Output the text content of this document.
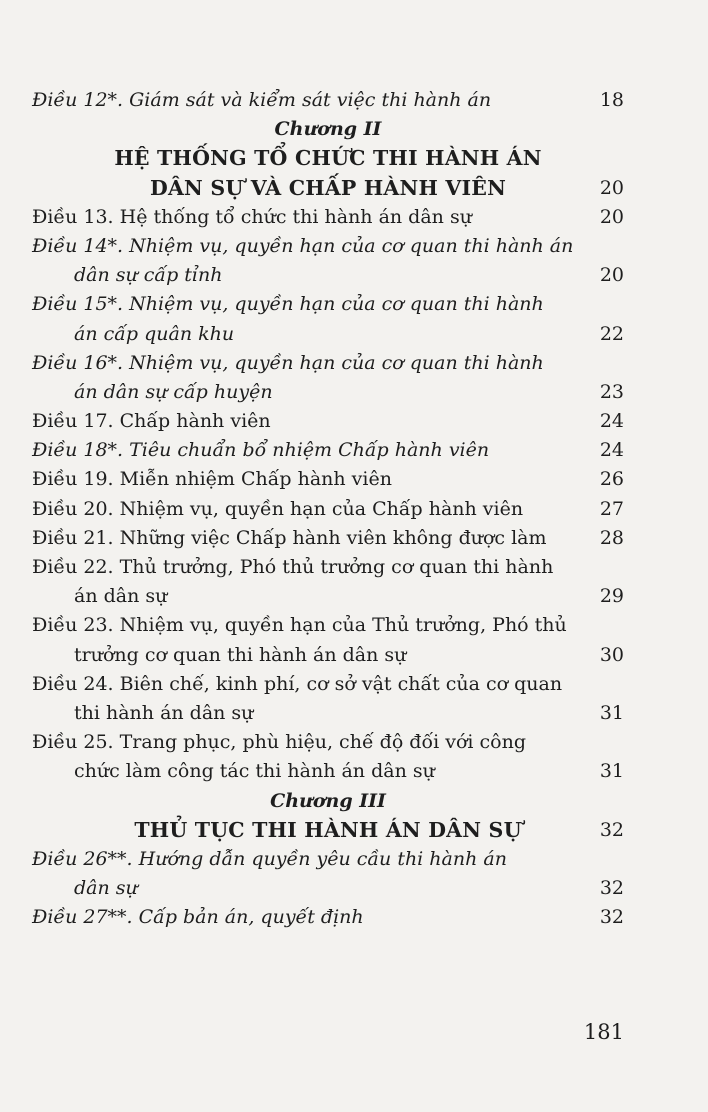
Điều 12*. Giám sát và kiểm sát việc thi hành án	18
Chương II
HỆ THỐNG TỔ CHỨC THI HÀNH ÁN
DÂN SỰ VÀ CHẤP HÀNH VIÊN	20
Điều 13. Hệ thống tổ chức thi hành án dân sự	20
Điều 14*. Nhiệm vụ, quyền hạn của cơ quan thi hành án
dân sự cấp tỉnh	20
Điều 15*. Nhiệm vụ, quyền hạn của cơ quan thi hành
án cấp quân khu	22
Điều 16*. Nhiệm vụ, quyền hạn của cơ quan thi hành
án dân sự cấp huyện	23
Điều 17. Chấp hành viên	24
Điều 18*. Tiêu chuẩn bổ nhiệm Chấp hành viên	24
Điều 19. Miễn nhiệm Chấp hành viên	26
Điều 20. Nhiệm vụ, quyền hạn của Chấp hành viên	27
Điều 21. Những việc Chấp hành viên không được làm	28
Điều 22. Thủ trưởng, Phó thủ trưởng cơ quan thi hành
án dân sự	29
Điều 23. Nhiệm vụ, quyền hạn của Thủ trưởng, Phó thủ
trưởng cơ quan thi hành án dân sự	30
Điều 24. Biên chế, kinh phí, cơ sở vật chất của cơ quan
thi hành án dân sự	31
Điều 25. Trang phục, phù hiệu, chế độ đối với công
chức làm công tác thi hành án dân sự	31
Chương III
THỦ TỤC THI HÀNH ÁN DÂN SỰ	32
Điều 26**. Hướng dẫn quyền yêu cầu thi hành án
dân sự	32
Điều 27**. Cấp bản án, quyết định	32
181
